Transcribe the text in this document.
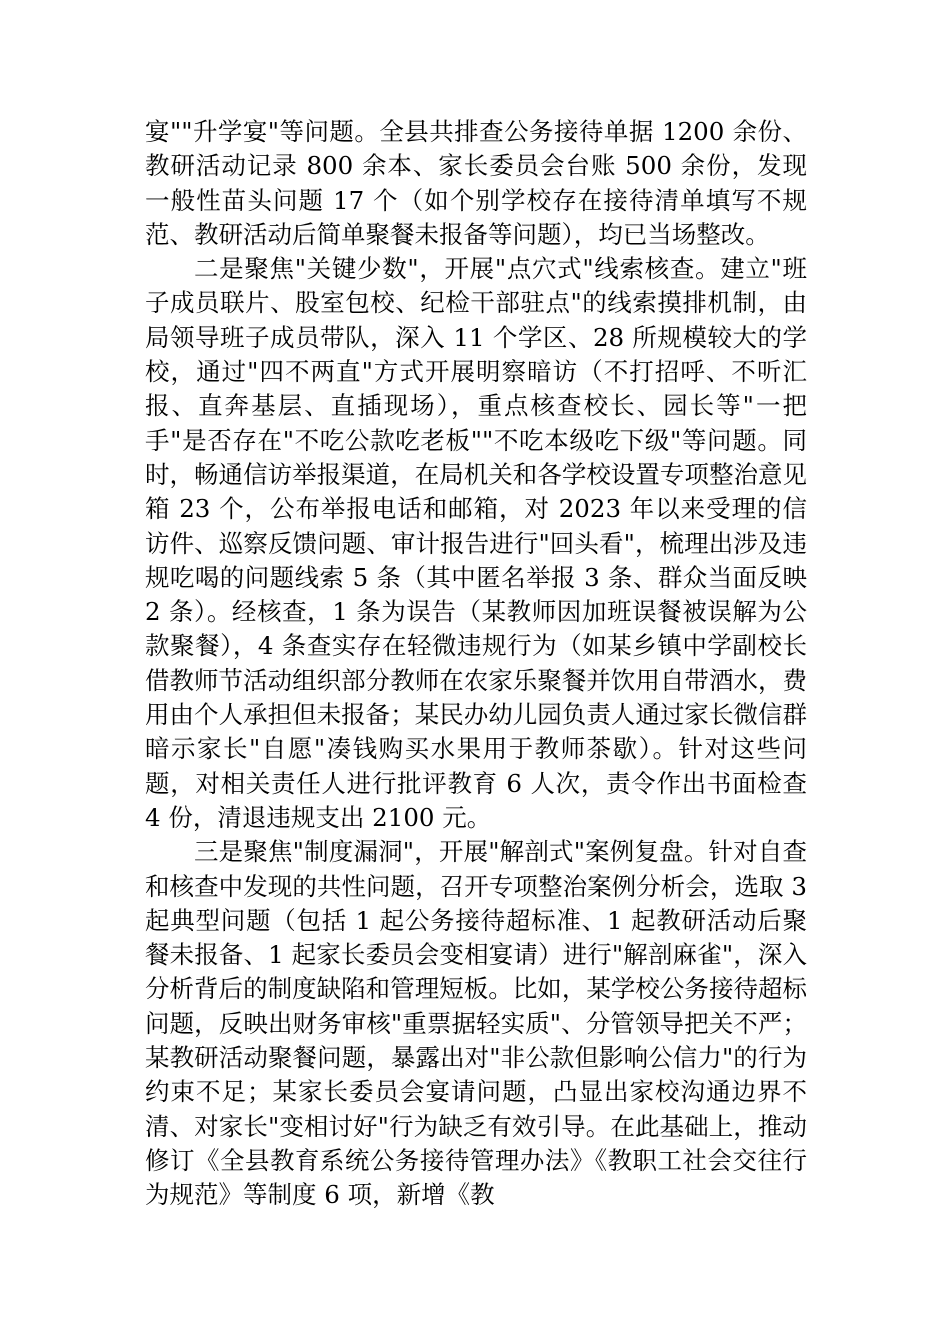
宴""升学宴"等问题。全县共排查公务接待单据 1200 余份、教研活动记录 800 余本、家长委员会台账 500 余份，发现一般性苗头问题 17 个（如个别学校存在接待清单填写不规范、教研活动后简单聚餐未报备等问题），均已当场整改。

二是聚焦"关键少数"，开展"点穴式"线索核查。建立"班子成员联片、股室包校、纪检干部驻点"的线索摸排机制，由局领导班子成员带队，深入 11 个学区、28 所规模较大的学校，通过"四不两直"方式开展明察暗访（不打招呼、不听汇报、直奔基层、直插现场），重点核查校长、园长等"一把手"是否存在"不吃公款吃老板""不吃本级吃下级"等问题。同时，畅通信访举报渠道，在局机关和各学校设置专项整治意见箱 23 个，公布举报电话和邮箱，对 2023 年以来受理的信访件、巡察反馈问题、审计报告进行"回头看"，梳理出涉及违规吃喝的问题线索 5 条（其中匿名举报 3 条、群众当面反映 2 条）。经核查，1 条为误告（某教师因加班误餐被误解为公款聚餐），4 条查实存在轻微违规行为（如某乡镇中学副校长借教师节活动组织部分教师在农家乐聚餐并饮用自带酒水，费用由个人承担但未报备；某民办幼儿园负责人通过家长微信群暗示家长"自愿"凑钱购买水果用于教师茶歇）。针对这些问题，对相关责任人进行批评教育 6 人次，责令作出书面检查 4 份，清退违规支出 2100 元。

三是聚焦"制度漏洞"，开展"解剖式"案例复盘。针对自查和核查中发现的共性问题，召开专项整治案例分析会，选取 3 起典型问题（包括 1 起公务接待超标准、1 起教研活动后聚餐未报备、1 起家长委员会变相宴请）进行"解剖麻雀"，深入分析背后的制度缺陷和管理短板。比如，某学校公务接待超标问题，反映出财务审核"重票据轻实质"、分管领导把关不严；某教研活动聚餐问题，暴露出对"非公款但影响公信力"的行为约束不足；某家长委员会宴请问题，凸显出家校沟通边界不清、对家长"变相讨好"行为缺乏有效引导。在此基础上，推动修订《全县教育系统公务接待管理办法》《教职工社会交往行为规范》等制度 6 项，新增《教
